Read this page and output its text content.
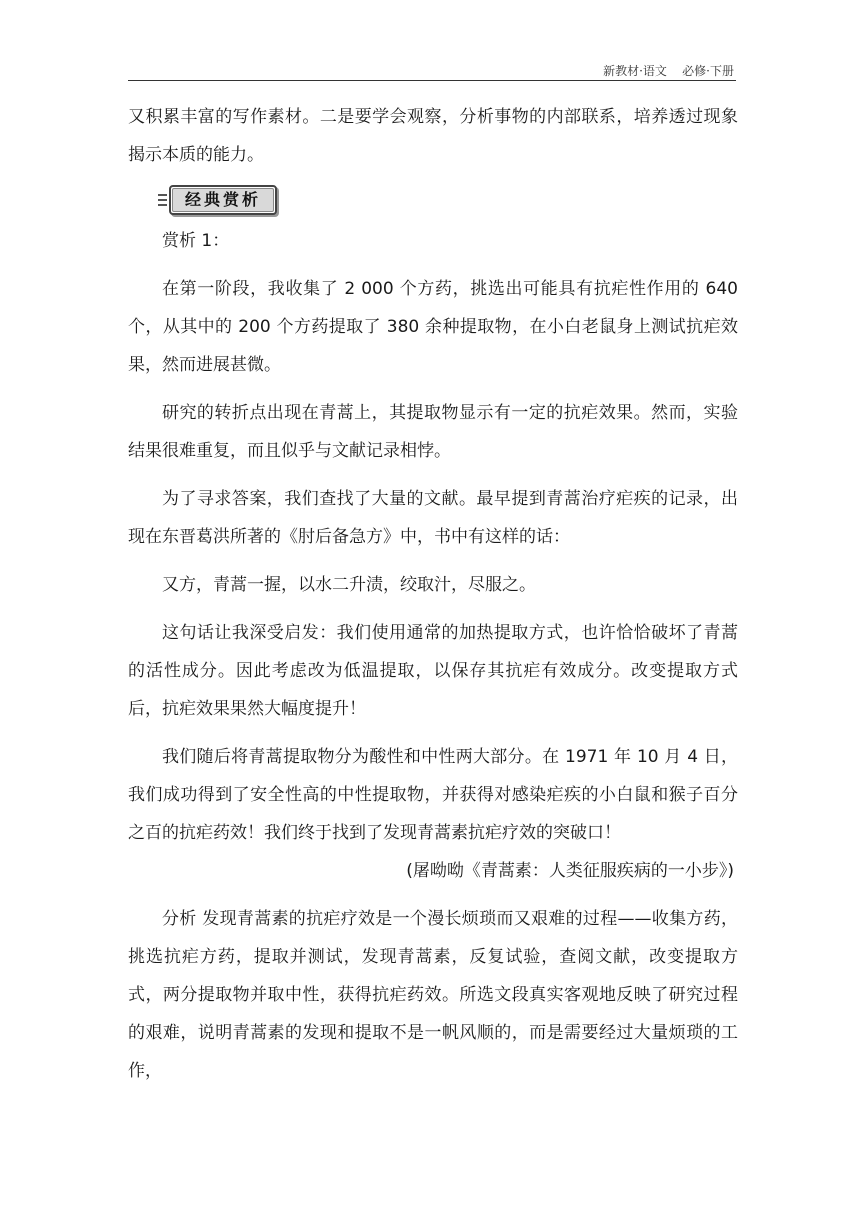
新教材·语文    必修·下册

又积累丰富的写作素材。二是要学会观察，分析事物的内部联系，培养透过现象揭示本质的能力。

经典赏析

赏析 1：

在第一阶段，我收集了 2 000 个方药，挑选出可能具有抗疟性作用的 640 个，从其中的 200 个方药提取了 380 余种提取物，在小白老鼠身上测试抗疟效果，然而进展甚微。

研究的转折点出现在青蒿上，其提取物显示有一定的抗疟效果。然而，实验结果很难重复，而且似乎与文献记录相悖。

为了寻求答案，我们查找了大量的文献。最早提到青蒿治疗疟疾的记录，出现在东晋葛洪所著的《肘后备急方》中，书中有这样的话：

又方，青蒿一握，以水二升渍，绞取汁，尽服之。

这句话让我深受启发：我们使用通常的加热提取方式，也许恰恰破坏了青蒿的活性成分。因此考虑改为低温提取，以保存其抗疟有效成分。改变提取方式后，抗疟效果果然大幅度提升！

我们随后将青蒿提取物分为酸性和中性两大部分。在 1971 年 10 月 4 日，我们成功得到了安全性高的中性提取物，并获得对感染疟疾的小白鼠和猴子百分之百的抗疟药效！我们终于找到了发现青蒿素抗疟疗效的突破口！

(屠呦呦《青蒿素：人类征服疾病的一小步》)

分析 发现青蒿素的抗疟疗效是一个漫长烦琐而又艰难的过程——收集方药，挑选抗疟方药，提取并测试，发现青蒿素，反复试验，查阅文献，改变提取方式，两分提取物并取中性，获得抗疟药效。所选文段真实客观地反映了研究过程的艰难，说明青蒿素的发现和提取不是一帆风顺的，而是需要经过大量烦琐的工作，
